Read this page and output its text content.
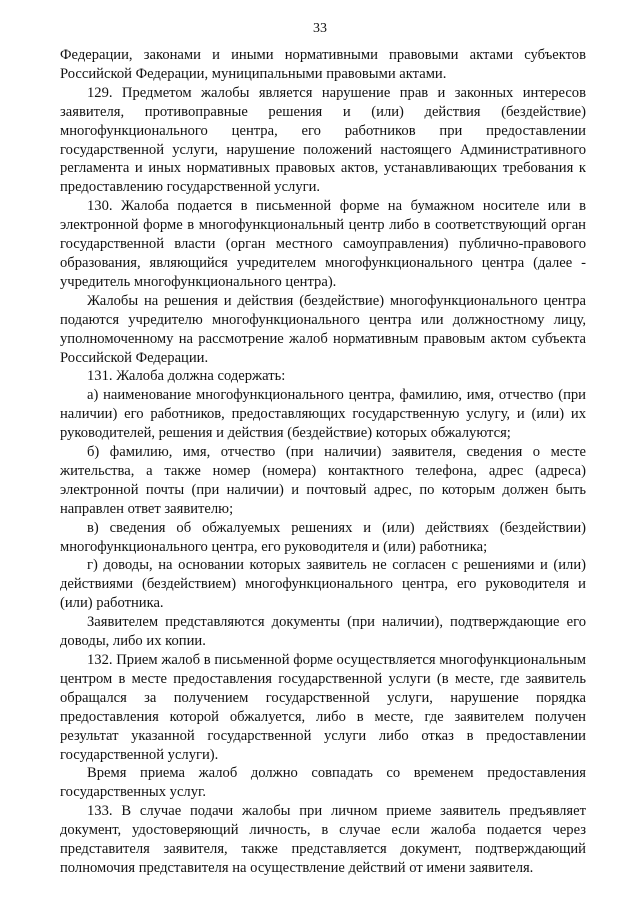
33

Федерации, законами и иными нормативными правовыми актами субъектов Российской Федерации, муниципальными правовыми актами.

129. Предметом жалобы является нарушение прав и законных интересов заявителя, противоправные решения и (или) действия (бездействие) многофункционального центра, его работников при предоставлении государственной услуги, нарушение положений настоящего Административного регламента и иных нормативных правовых актов, устанавливающих требования к предоставлению государственной услуги.

130. Жалоба подается в письменной форме на бумажном носителе или в электронной форме в многофункциональный центр либо в соответствующий орган государственной власти (орган местного самоуправления) публично-правового образования, являющийся учредителем многофункционального центра (далее - учредитель многофункционального центра).

Жалобы на решения и действия (бездействие) многофункционального центра подаются учредителю многофункционального центра или должностному лицу, уполномоченному на рассмотрение жалоб нормативным правовым актом субъекта Российской Федерации.

131. Жалоба должна содержать:

а) наименование многофункционального центра, фамилию, имя, отчество (при наличии) его работников, предоставляющих государственную услугу, и (или) их руководителей, решения и действия (бездействие) которых обжалуются;

б) фамилию, имя, отчество (при наличии) заявителя, сведения о месте жительства, а также номер (номера) контактного телефона, адрес (адреса) электронной почты (при наличии) и почтовый адрес, по которым должен быть направлен ответ заявителю;

в) сведения об обжалуемых решениях и (или) действиях (бездействии) многофункционального центра, его руководителя и (или) работника;

г) доводы, на основании которых заявитель не согласен с решениями и (или) действиями (бездействием) многофункционального центра, его руководителя и (или) работника.

Заявителем представляются документы (при наличии), подтверждающие его доводы, либо их копии.

132. Прием жалоб в письменной форме осуществляется многофункциональным центром в месте предоставления государственной услуги (в месте, где заявитель обращался за получением государственной услуги, нарушение порядка предоставления которой обжалуется, либо в месте, где заявителем получен результат указанной государственной услуги либо отказ в предоставлении государственной услуги).

Время приема жалоб должно совпадать со временем предоставления государственных услуг.

133. В случае подачи жалобы при личном приеме заявитель предъявляет документ, удостоверяющий личность, в случае если жалоба подается через представителя заявителя, также представляется документ, подтверждающий полномочия представителя на осуществление действий от имени заявителя.
